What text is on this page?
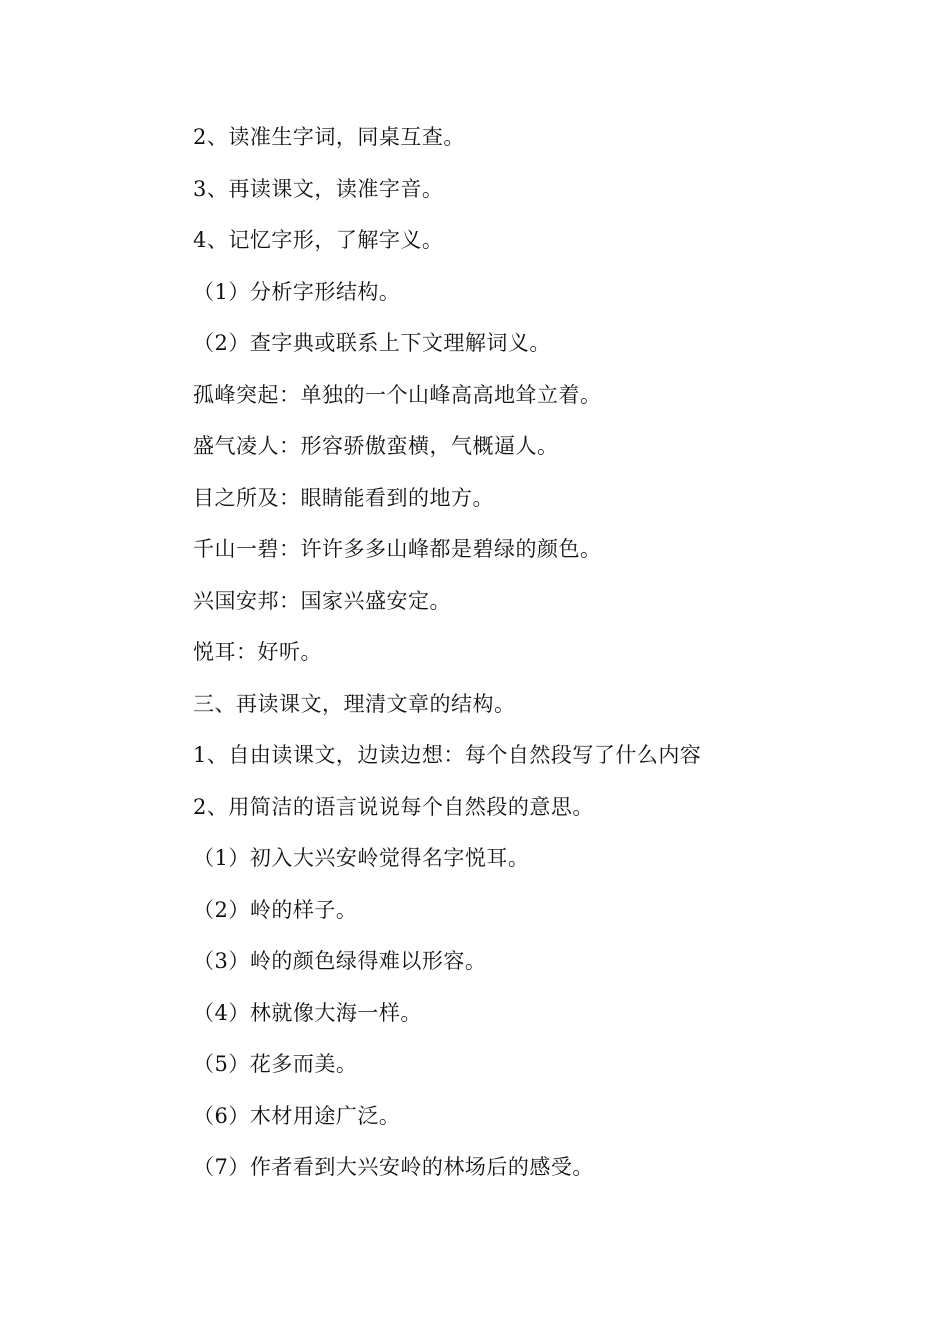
2、读准生字词，同桌互查。
3、再读课文，读准字音。
4、记忆字形，了解字义。
（1）分析字形结构。
（2）查字典或联系上下文理解词义。
孤峰突起：单独的一个山峰高高地耸立着。
盛气凌人：形容骄傲蛮横，气概逼人。
目之所及：眼睛能看到的地方。
千山一碧：许许多多山峰都是碧绿的颜色。
兴国安邦：国家兴盛安定。
悦耳：好听。
三、再读课文，理清文章的结构。
1、自由读课文，边读边想：每个自然段写了什么内容
2、用简洁的语言说说每个自然段的意思。
（1）初入大兴安岭觉得名字悦耳。
（2）岭的样子。
（3）岭的颜色绿得难以形容。
（4）林就像大海一样。
（5）花多而美。
（6）木材用途广泛。
（7）作者看到大兴安岭的林场后的感受。
